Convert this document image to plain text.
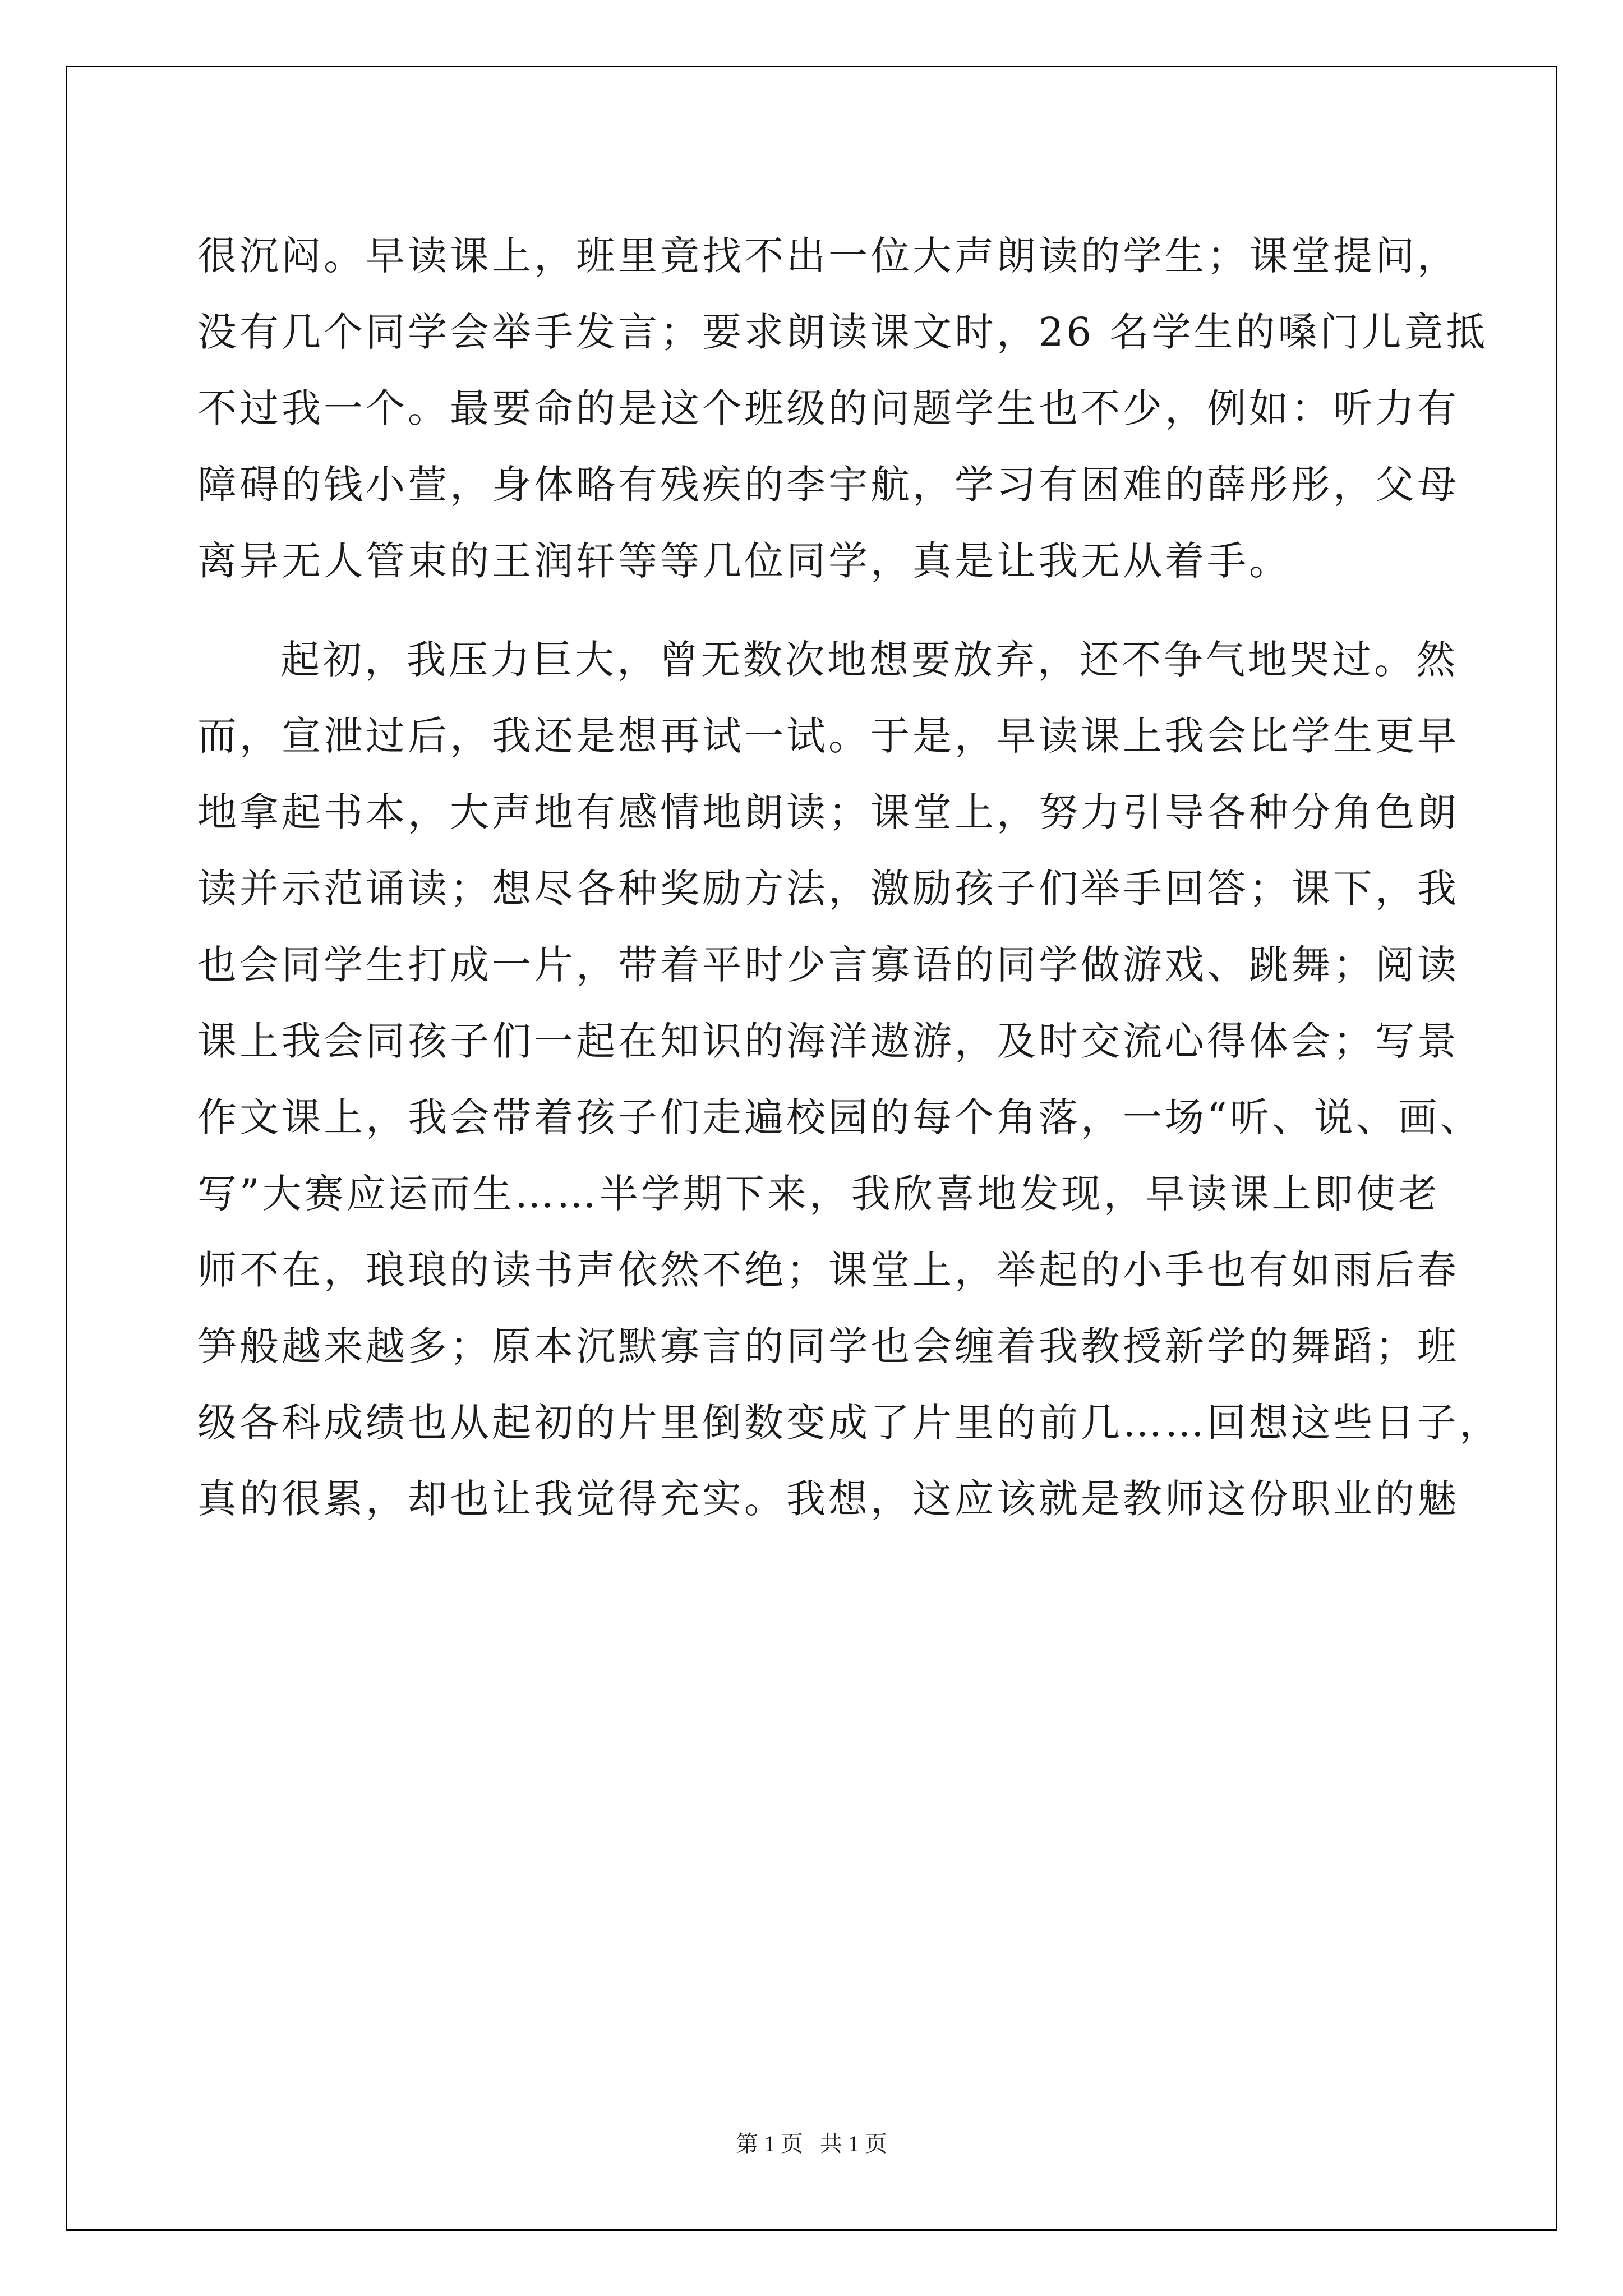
很沉闷。早读课上，班里竟找不出一位大声朗读的学生；课堂提问，
没有几个同学会举手发言；要求朗读课文时，26 名学生的嗓门儿竟抵
不过我一个。最要命的是这个班级的问题学生也不少，例如：听力有
障碍的钱小萱，身体略有残疾的李宇航，学习有困难的薛彤彤，父母
离异无人管束的王润轩等等几位同学，真是让我无从着手。
起初，我压力巨大，曾无数次地想要放弃，还不争气地哭过。然
而，宣泄过后，我还是想再试一试。于是，早读课上我会比学生更早
地拿起书本，大声地有感情地朗读；课堂上，努力引导各种分角色朗
读并示范诵读；想尽各种奖励方法，激励孩子们举手回答；课下，我
也会同学生打成一片，带着平时少言寡语的同学做游戏、跳舞；阅读
课上我会同孩子们一起在知识的海洋遨游，及时交流心得体会；写景
作文课上，我会带着孩子们走遍校园的每个角落，一场“听、说、画、
写”大赛应运而生……半学期下来，我欣喜地发现，早读课上即使老
师不在，琅琅的读书声依然不绝；课堂上，举起的小手也有如雨后春
笋般越来越多；原本沉默寡言的同学也会缠着我教授新学的舞蹈；班
级各科成绩也从起初的片里倒数变成了片里的前几……回想这些日子，
真的很累，却也让我觉得充实。我想，这应该就是教师这份职业的魅
第 1 页   共 1 页
